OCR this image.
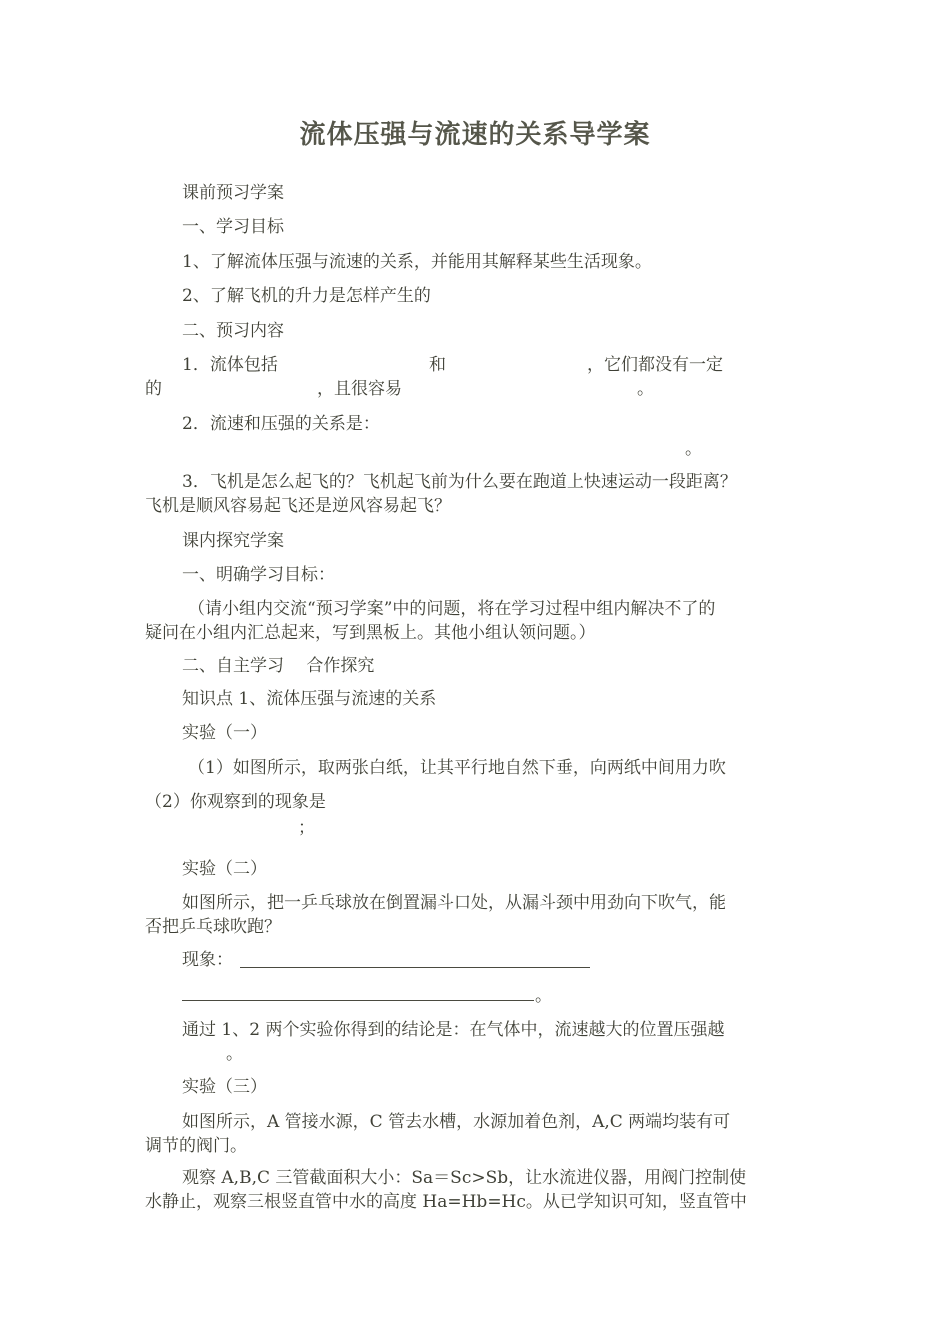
流体压强与流速的关系导学案
课前预习学案
一、学习目标
1、了解流体压强与流速的关系，并能用其解释某些生活现象。
2、了解飞机的升力是怎样产生的
二、预习内容
1．流体包括	和	，它们都没有一定
的	，且很容易	。
2．流速和压强的关系是：
。
3．飞机是怎么起飞的？飞机起飞前为什么要在跑道上快速运动一段距离？
飞机是顺风容易起飞还是逆风容易起飞？
课内探究学案
一、明确学习目标：
（请小组内交流“预习学案”中的问题，将在学习过程中组内解决不了的
疑问在小组内汇总起来，写到黑板上。其他小组认领问题。）
二、自主学习　 合作探究
知识点 1、流体压强与流速的关系
实验（一）
（1）如图所示，取两张白纸，让其平行地自然下垂，向两纸中间用力吹
（2）你观察到的现象是
；
实验（二）
如图所示，把一乒乓球放在倒置漏斗口处，从漏斗颈中用劲向下吹气，能
否把乒乓球吹跑？
现象：
。
通过 1、2 两个实验你得到的结论是：在气体中，流速越大的位置压强越
。
实验（三）
如图所示，A 管接水源，C 管去水槽，水源加着色剂，A,C 两端均装有可
调节的阀门。
观察 A,B,C 三管截面积大小：Sa＝Sc>Sb，让水流进仪器，用阀门控制使
水静止，观察三根竖直管中水的高度 Ha=Hb=Hc。从已学知识可知，竖直管中
